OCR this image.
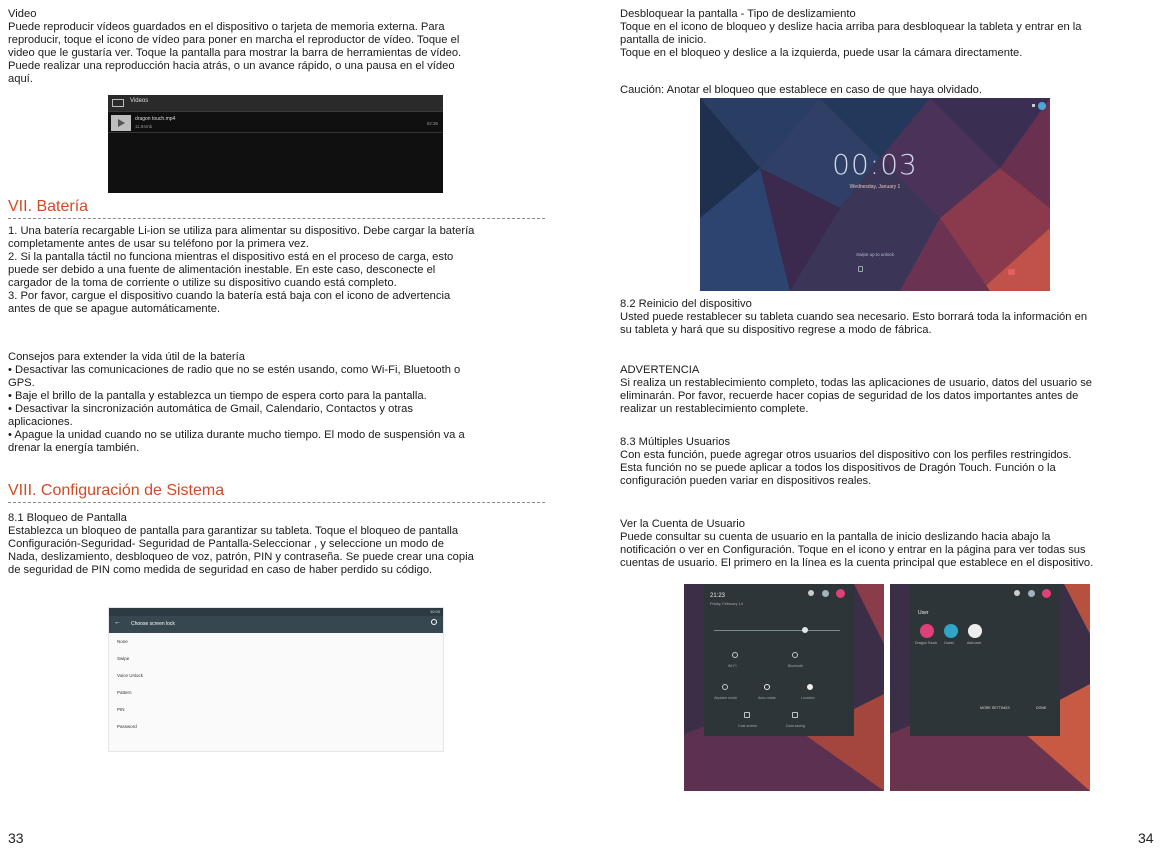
Video

Puede reproducir vídeos guardados en el dispositivo o tarjeta de memoria externa. Para

reproducir, toque el icono de vídeo para poner en marcha el reproductor de vídeo. Toque el

video que le gustaría ver. Toque la pantalla para mostrar la barra de herramientas de vídeo.

Puede realizar una reproducción hacia atrás, o un avance rápido, o una pausa en el vídeo

aquí.

Videos
dragon touch.mp4
11.94mb
02:36
VII. Batería

1. Una batería recargable Li-ion se utiliza para alimentar su dispositivo. Debe cargar la batería

completamente antes de usar su teléfono por la primera vez.

2. Si la pantalla táctil no funciona mientras el dispositivo está en el proceso de carga, esto

puede ser debido a una fuente de alimentación inestable. En este caso, desconecte el

cargador de la toma de corriente o utilize su dispositivo cuando está completo.

3. Por favor, cargue el dispositivo cuando la batería está baja con el icono de advertencia

antes de que se apague automáticamente.

Consejos para extender la vida útil de la batería

• Desactivar las comunicaciones de radio que no se estén usando, como Wi-Fi, Bluetooth o

GPS.

• Baje el brillo de la pantalla y establezca un tiempo de espera corto para la pantalla.

• Desactivar la sincronización automática de Gmail, Calendario, Contactos y otras

aplicaciones.

• Apague la unidad cuando no se utiliza durante mucho tiempo. El modo de suspensión va a

drenar la energía también.

VIII. Configuración de Sistema

8.1 Bloqueo de Pantalla

Establezca un bloqueo de pantalla para garantizar su tableta. Toque el bloqueo de pantalla

Configuración-Seguridad- Seguridad de Pantalla-Seleccionar , y seleccione un modo de

Nada, deslizamiento, desbloqueo de voz, patrón, PIN y contraseña. Se puede crear una copia

de seguridad de PIN como medida de seguridad en caso de haber perdido su código.

10:00
← Choose screen lock
None
Swipe
Voice Unlock
Pattern
PIN
Password
33

Desbloquear la pantalla - Tipo de deslizamiento

Toque en el icono de bloqueo y deslize hacia arriba para desbloquear la tableta y entrar en la

pantalla de inicio.

Toque en el bloqueo y deslice a la izquierda, puede usar la cámara directamente.

Caución: Anotar el bloqueo que establece en caso de que haya olvidado.

00:03
Wednesday, January 1
Swipe up to unlock

8.2 Reinicio del dispositivo

Usted puede restablecer su tableta cuando sea necesario. Esto borrará toda la información en

su tableta y hará que su dispositivo regrese a modo de fábrica.

ADVERTENCIA

Si realiza un restablecimiento completo, todas las aplicaciones de usuario, datos del usuario se

eliminarán. Por favor, recuerde hacer copias de seguridad de los datos importantes antes de

realizar un restablecimiento complete.

8.3 Múltiples Usuarios

Con esta función, puede agregar otros usuarios del dispositivo con los perfiles restringidos.

Esta función no se puede aplicar a todos los dispositivos de Dragón Touch. Función o la

configuración pueden variar en dispositivos reales.

Ver la Cuenta de Usuario

Puede consultar su cuenta de usuario en la pantalla de inicio deslizando hacia abajo la

notificación o ver en Configuración. Toque en el icono y entrar en la página para ver todas sus

cuentas de usuario. El primero en la línea es la cuenta principal que establece en el dispositivo.

21:23
Friday, February 14
Wi-Fi	Bluetooth
Airplane mode	Auto-rotate	Location
Cast screen	Data saving
User
Dragon Touch Guest	Add user
MORE SETTINGS	DONE
34
